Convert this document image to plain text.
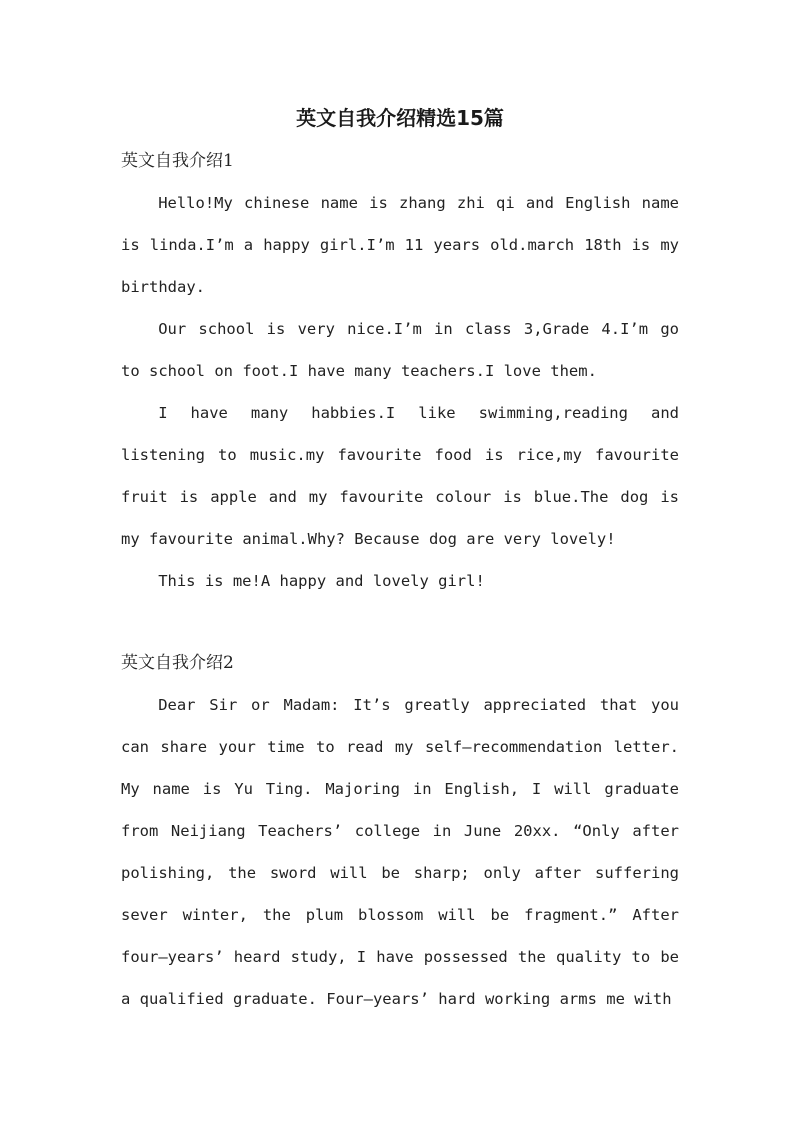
英文自我介绍精选15篇
英文自我介绍1

Hello!My chinese name is zhang zhi qi and English name is linda.I’m a happy girl.I’m 11 years old.march 18th is my birthday.

Our school is very nice.I’m in class 3,Grade 4.I’m go to school on foot.I have many teachers.I love them.

I have many habbies.I like swimming,reading and listening to music.my favourite food is rice,my favourite fruit is apple and my favourite colour is blue.The dog is my favourite animal.Why? Because dog are very lovely!

This is me!A happy and lovely girl!

英文自我介绍2

Dear Sir or Madam: It’s greatly appreciated that you can share your time to read my self—recommendation letter. My name is Yu Ting. Majoring in English, I will graduate from Neijiang Teachers’ college in June 20xx. “Only after polishing, the sword will be sharp; only after suffering sever winter, the plum blossom will be fragment.” After four—years’ heard study, I have possessed the quality to be a qualified graduate. Four—years’ hard working arms me with
